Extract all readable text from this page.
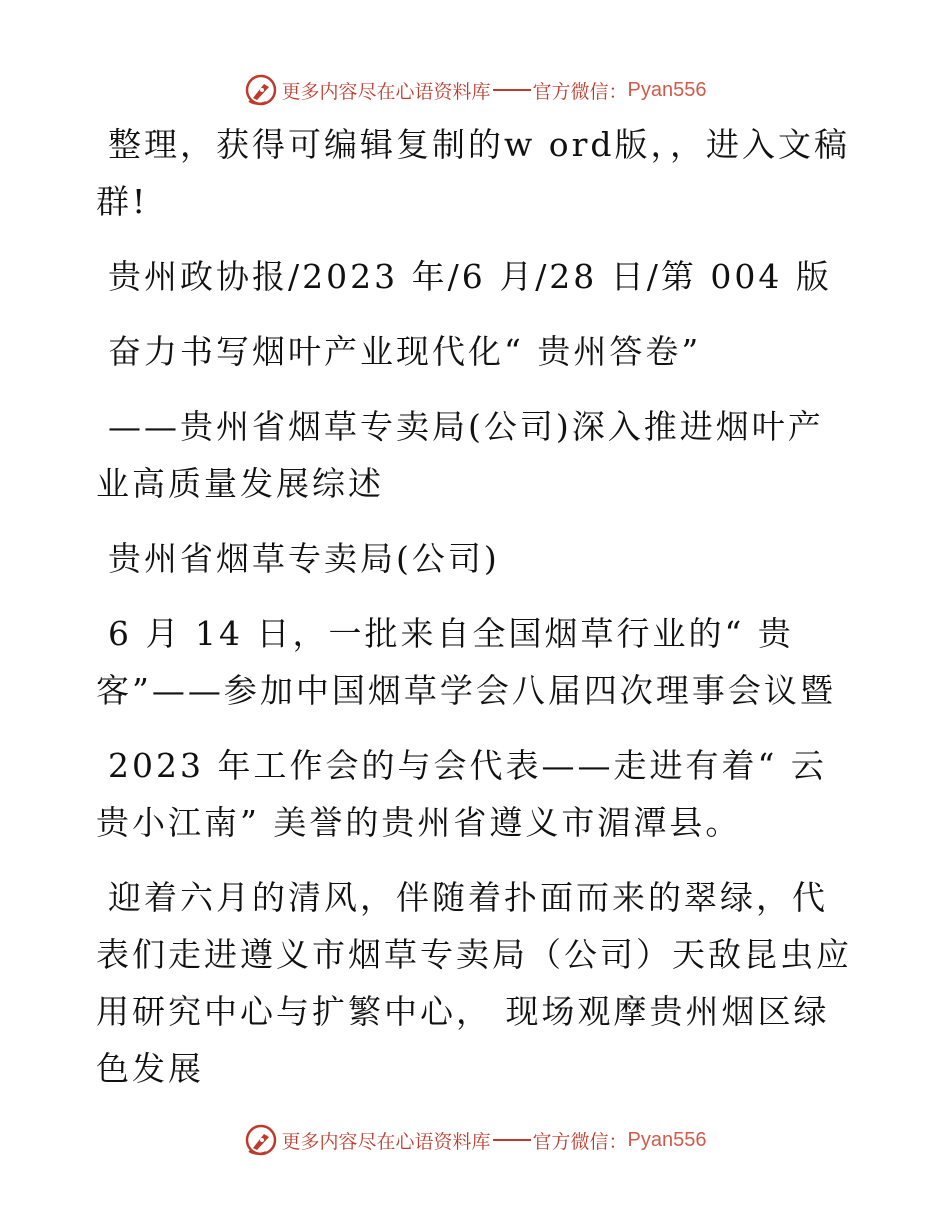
更多内容尽在心语资料库 官方微信： Pyan556

整理，获得可编辑复制的w ord版，，进入文稿群!

贵州政协报/2023 年/6 月/28 日/第 004 版

奋力书写烟叶产业现代化“ 贵州答卷”

——贵州省烟草专卖局(公司)深入推进烟叶产业高质量发展综述

贵州省烟草专卖局(公司)

6 月 14 日，一批来自全国烟草行业的“ 贵客”——参加中国烟草学会八届四次理事会议暨

2023 年工作会的与会代表——走进有着“ 云贵小江南” 美誉的贵州省遵义市湄潭县。

迎着六月的清风，伴随着扑面而来的翠绿，代表们走进遵义市烟草专卖局（公司）天敌昆虫应用研究中心与扩繁中心， 现场观摩贵州烟区绿色发展

更多内容尽在心语资料库 官方微信： Pyan556
